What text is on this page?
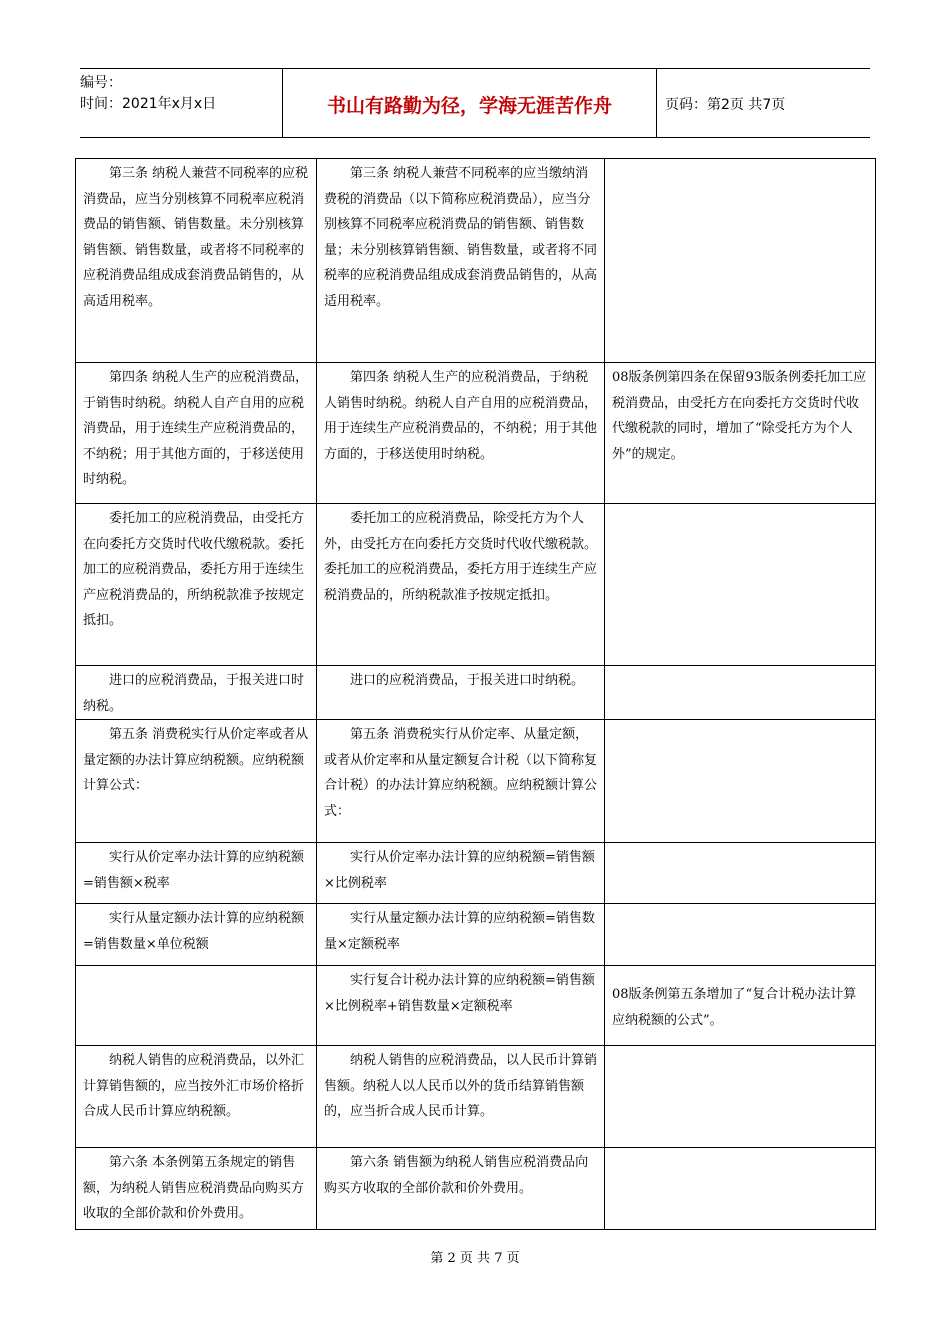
编号：
时间：2021年x月x日	书山有路勤为径，学海无涯苦作舟	页码：第2页 共7页
第三条 纳税人兼营不同税率的应税消费品，应当分别核算不同税率应税消费品的销售额、销售数量。未分别核算销售额、销售数量，或者将不同税率的应税消费品组成成套消费品销售的，从高适用税率。	第三条 纳税人兼营不同税率的应当缴纳消费税的消费品（以下简称应税消费品），应当分别核算不同税率应税消费品的销售额、销售数量；未分别核算销售额、销售数量，或者将不同税率的应税消费品组成成套消费品销售的，从高适用税率。	

第四条 纳税人生产的应税消费品，于销售时纳税。纳税人自产自用的应税消费品，用于连续生产应税消费品的，不纳税；用于其他方面的，于移送使用时纳税。	第四条 纳税人生产的应税消费品，于纳税人销售时纳税。纳税人自产自用的应税消费品，用于连续生产应税消费品的，不纳税；用于其他方面的，于移送使用时纳税。	08版条例第四条在保留93版条例委托加工应税消费品，由受托方在向委托方交货时代收代缴税款的同时，增加了“除受托方为个人外”的规定。

委托加工的应税消费品，由受托方在向委托方交货时代收代缴税款。委托加工的应税消费品，委托方用于连续生产应税消费品的，所纳税款准予按规定抵扣。	委托加工的应税消费品，除受托方为个人外，由受托方在向委托方交货时代收代缴税款。委托加工的应税消费品，委托方用于连续生产应税消费品的，所纳税款准予按规定抵扣。	

进口的应税消费品，于报关进口时纳税。	进口的应税消费品，于报关进口时纳税。	

第五条 消费税实行从价定率或者从量定额的办法计算应纳税额。应纳税额计算公式：	第五条 消费税实行从价定率、从量定额，或者从价定率和从量定额复合计税（以下简称复合计税）的办法计算应纳税额。应纳税额计算公式：	

实行从价定率办法计算的应纳税额=销售额×税率	实行从价定率办法计算的应纳税额=销售额×比例税率	

实行从量定额办法计算的应纳税额=销售数量×单位税额	实行从量定额办法计算的应纳税额=销售数量×定额税率	

	实行复合计税办法计算的应纳税额=销售额×比例税率+销售数量×定额税率	08版条例第五条增加了“复合计税办法计算应纳税额的公式”。

纳税人销售的应税消费品，以外汇计算销售额的，应当按外汇市场价格折合成人民币计算应纳税额。	纳税人销售的应税消费品，以人民币计算销售额。纳税人以人民币以外的货币结算销售额的，应当折合成人民币计算。	

第六条 本条例第五条规定的销售额，为纳税人销售应税消费品向购买方收取的全部价款和价外费用。	第六条 销售额为纳税人销售应税消费品向购买方收取的全部价款和价外费用。	
第 2 页 共 7 页
